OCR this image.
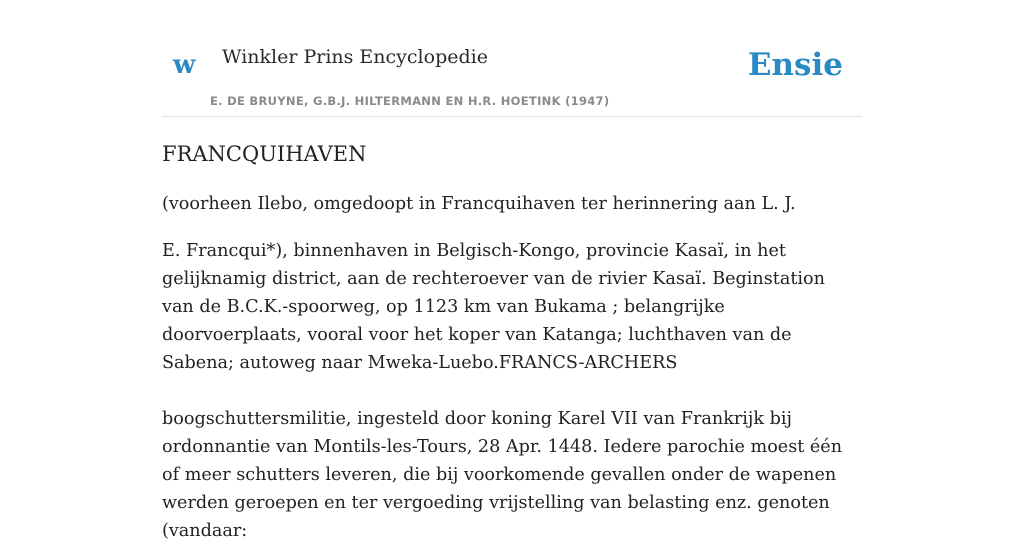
w Winkler Prins Encyclopedie
E. DE BRUYNE, G.B.J. HILTERMANN EN H.R. HOETINK (1947)
Ensie
FRANCQUIHAVEN

(voorheen Ilebo, omgedoopt in Francquihaven ter herinnering aan L. J.

E. Francqui*), binnenhaven in Belgisch-Kongo, provincie Kasaï, in het gelijknamig district, aan de rechteroever van de rivier Kasaï. Beginstation van de B.C.K.-spoorweg, op 1123 km van Bukama ; belangrijke doorvoerplaats, vooral voor het koper van Katanga; luchthaven van de Sabena; autoweg naar Mweka-Luebo.FRANCS-ARCHERS

boogschuttersmilitie, ingesteld door koning Karel VII van Frankrijk bij ordonnantie van Montils-les-Tours, 28 Apr. 1448. Iedere parochie moest één of meer schutters leveren, die bij voorkomende gevallen onder de wapenen werden geroepen en ter vergoeding vrijstelling van belasting enz. genoten (vandaar:
